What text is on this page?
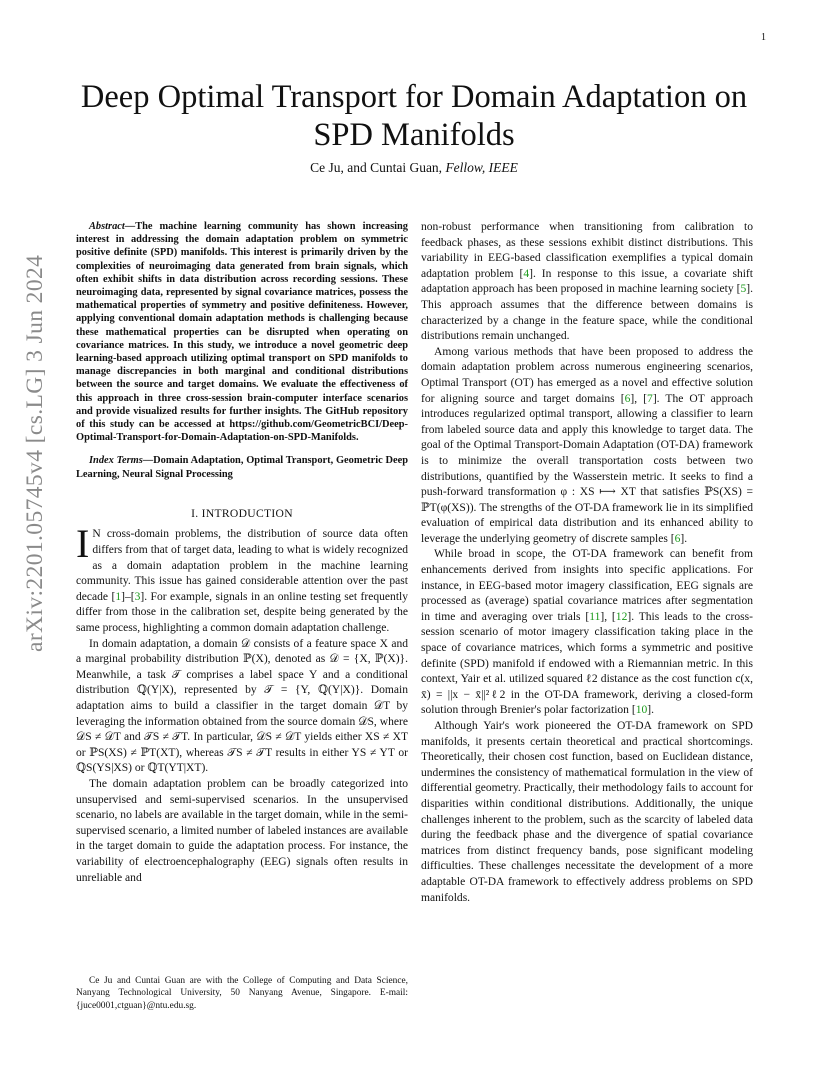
1
arXiv:2201.05745v4 [cs.LG] 3 Jun 2024
Deep Optimal Transport for Domain Adaptation on SPD Manifolds
Ce Ju, and Cuntai Guan, Fellow, IEEE

Abstract—The machine learning community has shown increasing interest in addressing the domain adaptation problem on symmetric positive definite (SPD) manifolds. This interest is primarily driven by the complexities of neuroimaging data generated from brain signals, which often exhibit shifts in data distribution across recording sessions. These neuroimaging data, represented by signal covariance matrices, possess the mathematical properties of symmetry and positive definiteness. However, applying conventional domain adaptation methods is challenging because these mathematical properties can be disrupted when operating on covariance matrices. In this study, we introduce a novel geometric deep learning-based approach utilizing optimal transport on SPD manifolds to manage discrepancies in both marginal and conditional distributions between the source and target domains. We evaluate the effectiveness of this approach in three cross-session brain-computer interface scenarios and provide visualized results for further insights. The GitHub repository of this study can be accessed at https://github.com/GeometricBCI/Deep-Optimal-Transport-for-Domain-Adaptation-on-SPD-Manifolds.

Index Terms—Domain Adaptation, Optimal Transport, Geometric Deep Learning, Neural Signal Processing

I. INTRODUCTION

I N cross-domain problems, the distribution of source data often differs from that of target data, leading to what is widely recognized as a domain adaptation problem in the machine learning community. This issue has gained considerable attention over the past decade [1]–[3]. For example, signals in an online testing set frequently differ from those in the calibration set, despite being generated by the same process, highlighting a common domain adaptation challenge.

In domain adaptation, a domain 𝒟 consists of a feature space X and a marginal probability distribution ℙ(X), denoted as 𝒟 = {X, ℙ(X)}. Meanwhile, a task 𝒯 comprises a label space Y and a conditional distribution ℚ(Y|X), represented by 𝒯 = {Y, ℚ(Y|X)}. Domain adaptation aims to build a classifier in the target domain 𝒟T by leveraging the information obtained from the source domain 𝒟S, where 𝒟S ≠ 𝒟T and 𝒯S ≠ 𝒯T. In particular, 𝒟S ≠ 𝒟T yields either XS ≠ XT or ℙS(XS) ≠ ℙT(XT), whereas 𝒯S ≠ 𝒯T results in either YS ≠ YT or ℚS(YS|XS) or ℚT(YT|XT).

The domain adaptation problem can be broadly categorized into unsupervised and semi-supervised scenarios. In the unsupervised scenario, no labels are available in the target domain, while in the semi-supervised scenario, a limited number of labeled instances are available in the target domain to guide the adaptation process. For instance, the variability of electroencephalography (EEG) signals often results in unreliable and

Ce Ju and Cuntai Guan are with the College of Computing and Data Science, Nanyang Technological University, 50 Nanyang Avenue, Singapore. E-mail: {juce0001,ctguan}@ntu.edu.sg.

non-robust performance when transitioning from calibration to feedback phases, as these sessions exhibit distinct distributions. This variability in EEG-based classification exemplifies a typical domain adaptation problem [4]. In response to this issue, a covariate shift adaptation approach has been proposed in machine learning society [5]. This approach assumes that the difference between domains is characterized by a change in the feature space, while the conditional distributions remain unchanged.

Among various methods that have been proposed to address the domain adaptation problem across numerous engineering scenarios, Optimal Transport (OT) has emerged as a novel and effective solution for aligning source and target domains [6], [7]. The OT approach introduces regularized optimal transport, allowing a classifier to learn from labeled source data and apply this knowledge to target data. The goal of the Optimal Transport-Domain Adaptation (OT-DA) framework is to minimize the overall transportation costs between two distributions, quantified by the Wasserstein metric. It seeks to find a push-forward transformation φ : XS ⟼ XT that satisfies ℙS(XS) = ℙT(φ(XS)). The strengths of the OT-DA framework lie in its simplified evaluation of empirical data distribution and its enhanced ability to leverage the underlying geometry of discrete samples [6].

While broad in scope, the OT-DA framework can benefit from enhancements derived from insights into specific applications. For instance, in EEG-based motor imagery classification, EEG signals are processed as (average) spatial covariance matrices after segmentation in time and averaging over trials [11], [12]. This leads to the cross-session scenario of motor imagery classification taking place in the space of covariance matrices, which forms a symmetric and positive definite (SPD) manifold if endowed with a Riemannian metric. In this context, Yair et al. utilized squared ℓ2 distance as the cost function c(x, x̄) = ||x − x̄||²ℓ2 in the OT-DA framework, deriving a closed-form solution through Brenier's polar factorization [10].

Although Yair's work pioneered the OT-DA framework on SPD manifolds, it presents certain theoretical and practical shortcomings. Theoretically, their chosen cost function, based on Euclidean distance, undermines the consistency of mathematical formulation in the view of differential geometry. Practically, their methodology fails to account for disparities within conditional distributions. Additionally, the unique challenges inherent to the problem, such as the scarcity of labeled data during the feedback phase and the divergence of spatial covariance matrices from distinct frequency bands, pose significant modeling difficulties. These challenges necessitate the development of a more adaptable OT-DA framework to effectively address problems on SPD manifolds.
